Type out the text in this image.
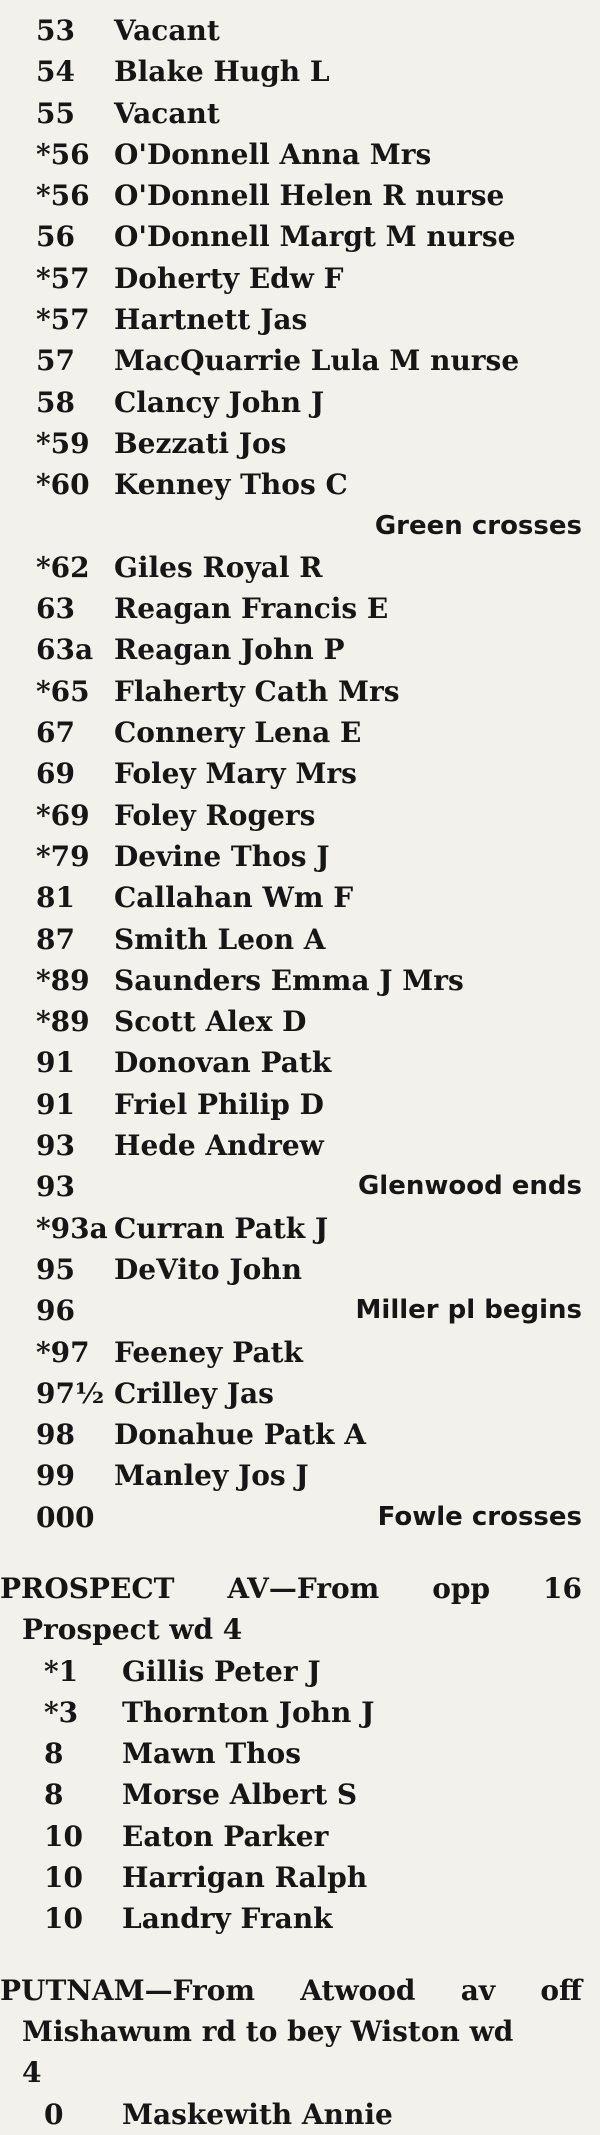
53 Vacant
54 Blake Hugh L
55 Vacant
*56 O'Donnell Anna Mrs
*56 O'Donnell Helen R nurse
56 O'Donnell Margt M nurse
*57 Doherty Edw F
*57 Hartnett Jas
57 MacQuarrie Lula M nurse
58 Clancy John J
*59 Bezzati Jos
*60 Kenney Thos C
Green crosses
*62 Giles Royal R
63 Reagan Francis E
63a Reagan John P
*65 Flaherty Cath Mrs
67 Connery Lena E
69 Foley Mary Mrs
*69 Foley Rogers
*79 Devine Thos J
81 Callahan Wm F
87 Smith Leon A
*89 Saunders Emma J Mrs
*89 Scott Alex D
91 Donovan Patk
91 Friel Philip D
93 Hede Andrew
93	Glenwood ends
*93a Curran Patk J
95 DeVito John
96	Miller pl begins
*97 Feeney Patk
97½ Crilley Jas
98 Donahue Patk A
99 Manley Jos J
000	Fowle crosses
PROSPECT AV—From opp 16
Prospect wd 4
*1 Gillis Peter J
*3 Thornton John J
8 Mawn Thos
8 Morse Albert S
10 Eaton Parker
10 Harrigan Ralph
10 Landry Frank
PUTNAM—From Atwood av off
Mishawum rd to bey Wiston wd
4
0 Maskewith Annie
